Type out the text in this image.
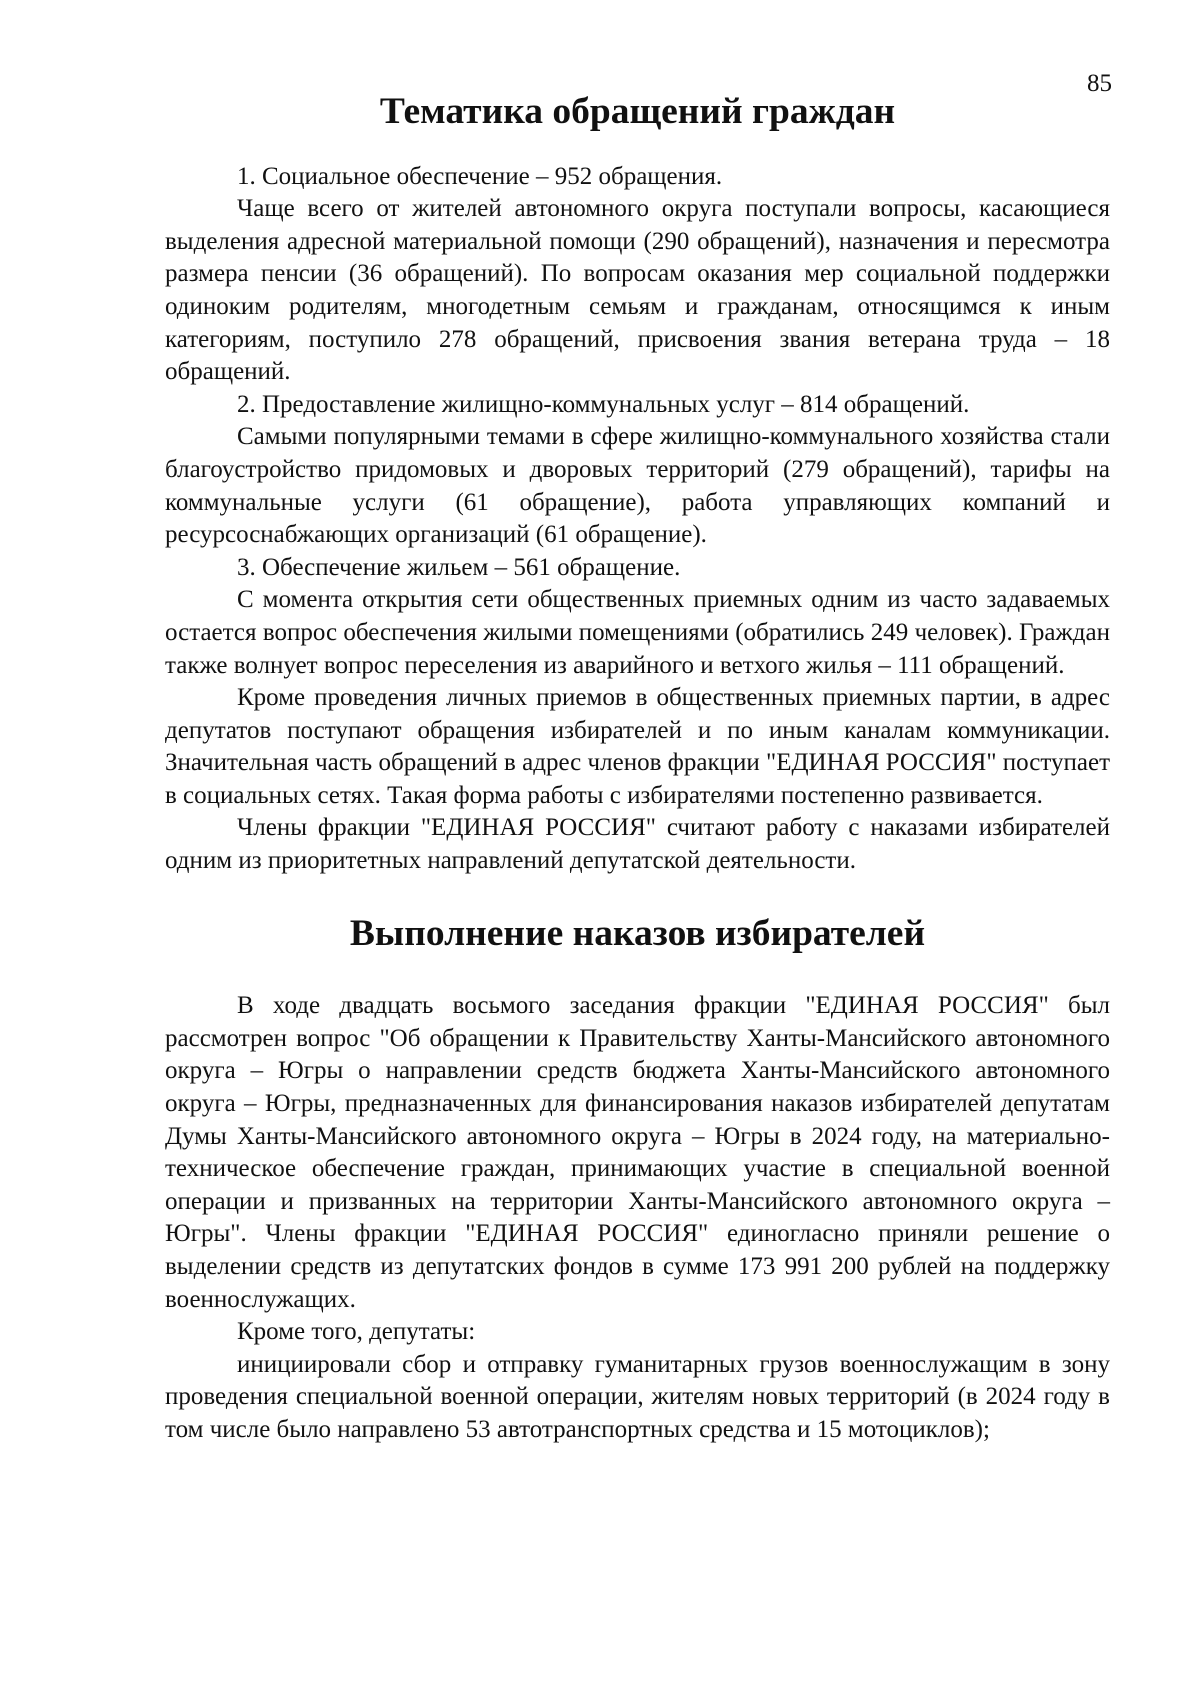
85
Тематика обращений граждан

1. Социальное обеспечение – 952 обращения.

Чаще всего от жителей автономного округа поступали вопросы, касающиеся выделения адресной материальной помощи (290 обращений), назначения и пересмотра размера пенсии (36 обращений). По вопросам оказания мер социальной поддержки одиноким родителям, многодетным семьям и гражданам, относящимся к иным категориям, поступило 278 обращений, присвоения звания ветерана труда – 18 обращений.

2. Предоставление жилищно-коммунальных услуг – 814 обращений.

Самыми популярными темами в сфере жилищно-коммунального хозяйства стали благоустройство придомовых и дворовых территорий (279 обращений), тарифы на коммунальные услуги (61 обращение), работа управляющих компаний и ресурсоснабжающих организаций (61 обращение).

3. Обеспечение жильем – 561 обращение.

С момента открытия сети общественных приемных одним из часто задаваемых остается вопрос обеспечения жилыми помещениями (обратились 249 человек). Граждан также волнует вопрос переселения из аварийного и ветхого жилья – 111 обращений.

Кроме проведения личных приемов в общественных приемных партии, в адрес депутатов поступают обращения избирателей и по иным каналам коммуникации. Значительная часть обращений в адрес членов фракции "ЕДИНАЯ РОССИЯ" поступает в социальных сетях. Такая форма работы с избирателями постепенно развивается.

Члены фракции "ЕДИНАЯ РОССИЯ" считают работу с наказами избирателей одним из приоритетных направлений депутатской деятельности.

Выполнение наказов избирателей

В ходе двадцать восьмого заседания фракции "ЕДИНАЯ РОССИЯ" был рассмотрен вопрос "Об обращении к Правительству Ханты-Мансийского автономного округа – Югры о направлении средств бюджета Ханты-Мансийского автономного округа – Югры, предназначенных для финансирования наказов избирателей депутатам Думы Ханты-Мансийского автономного округа – Югры в 2024 году, на материально-техническое обеспечение граждан, принимающих участие в специальной военной операции и призванных на территории Ханты-Мансийского автономного округа – Югры". Члены фракции "ЕДИНАЯ РОССИЯ" единогласно приняли решение о выделении средств из депутатских фондов в сумме 173 991 200 рублей на поддержку военнослужащих.

Кроме того, депутаты:

инициировали сбор и отправку гуманитарных грузов военнослужащим в зону проведения специальной военной операции, жителям новых территорий (в 2024 году в том числе было направлено 53 автотранспортных средства и 15 мотоциклов);
